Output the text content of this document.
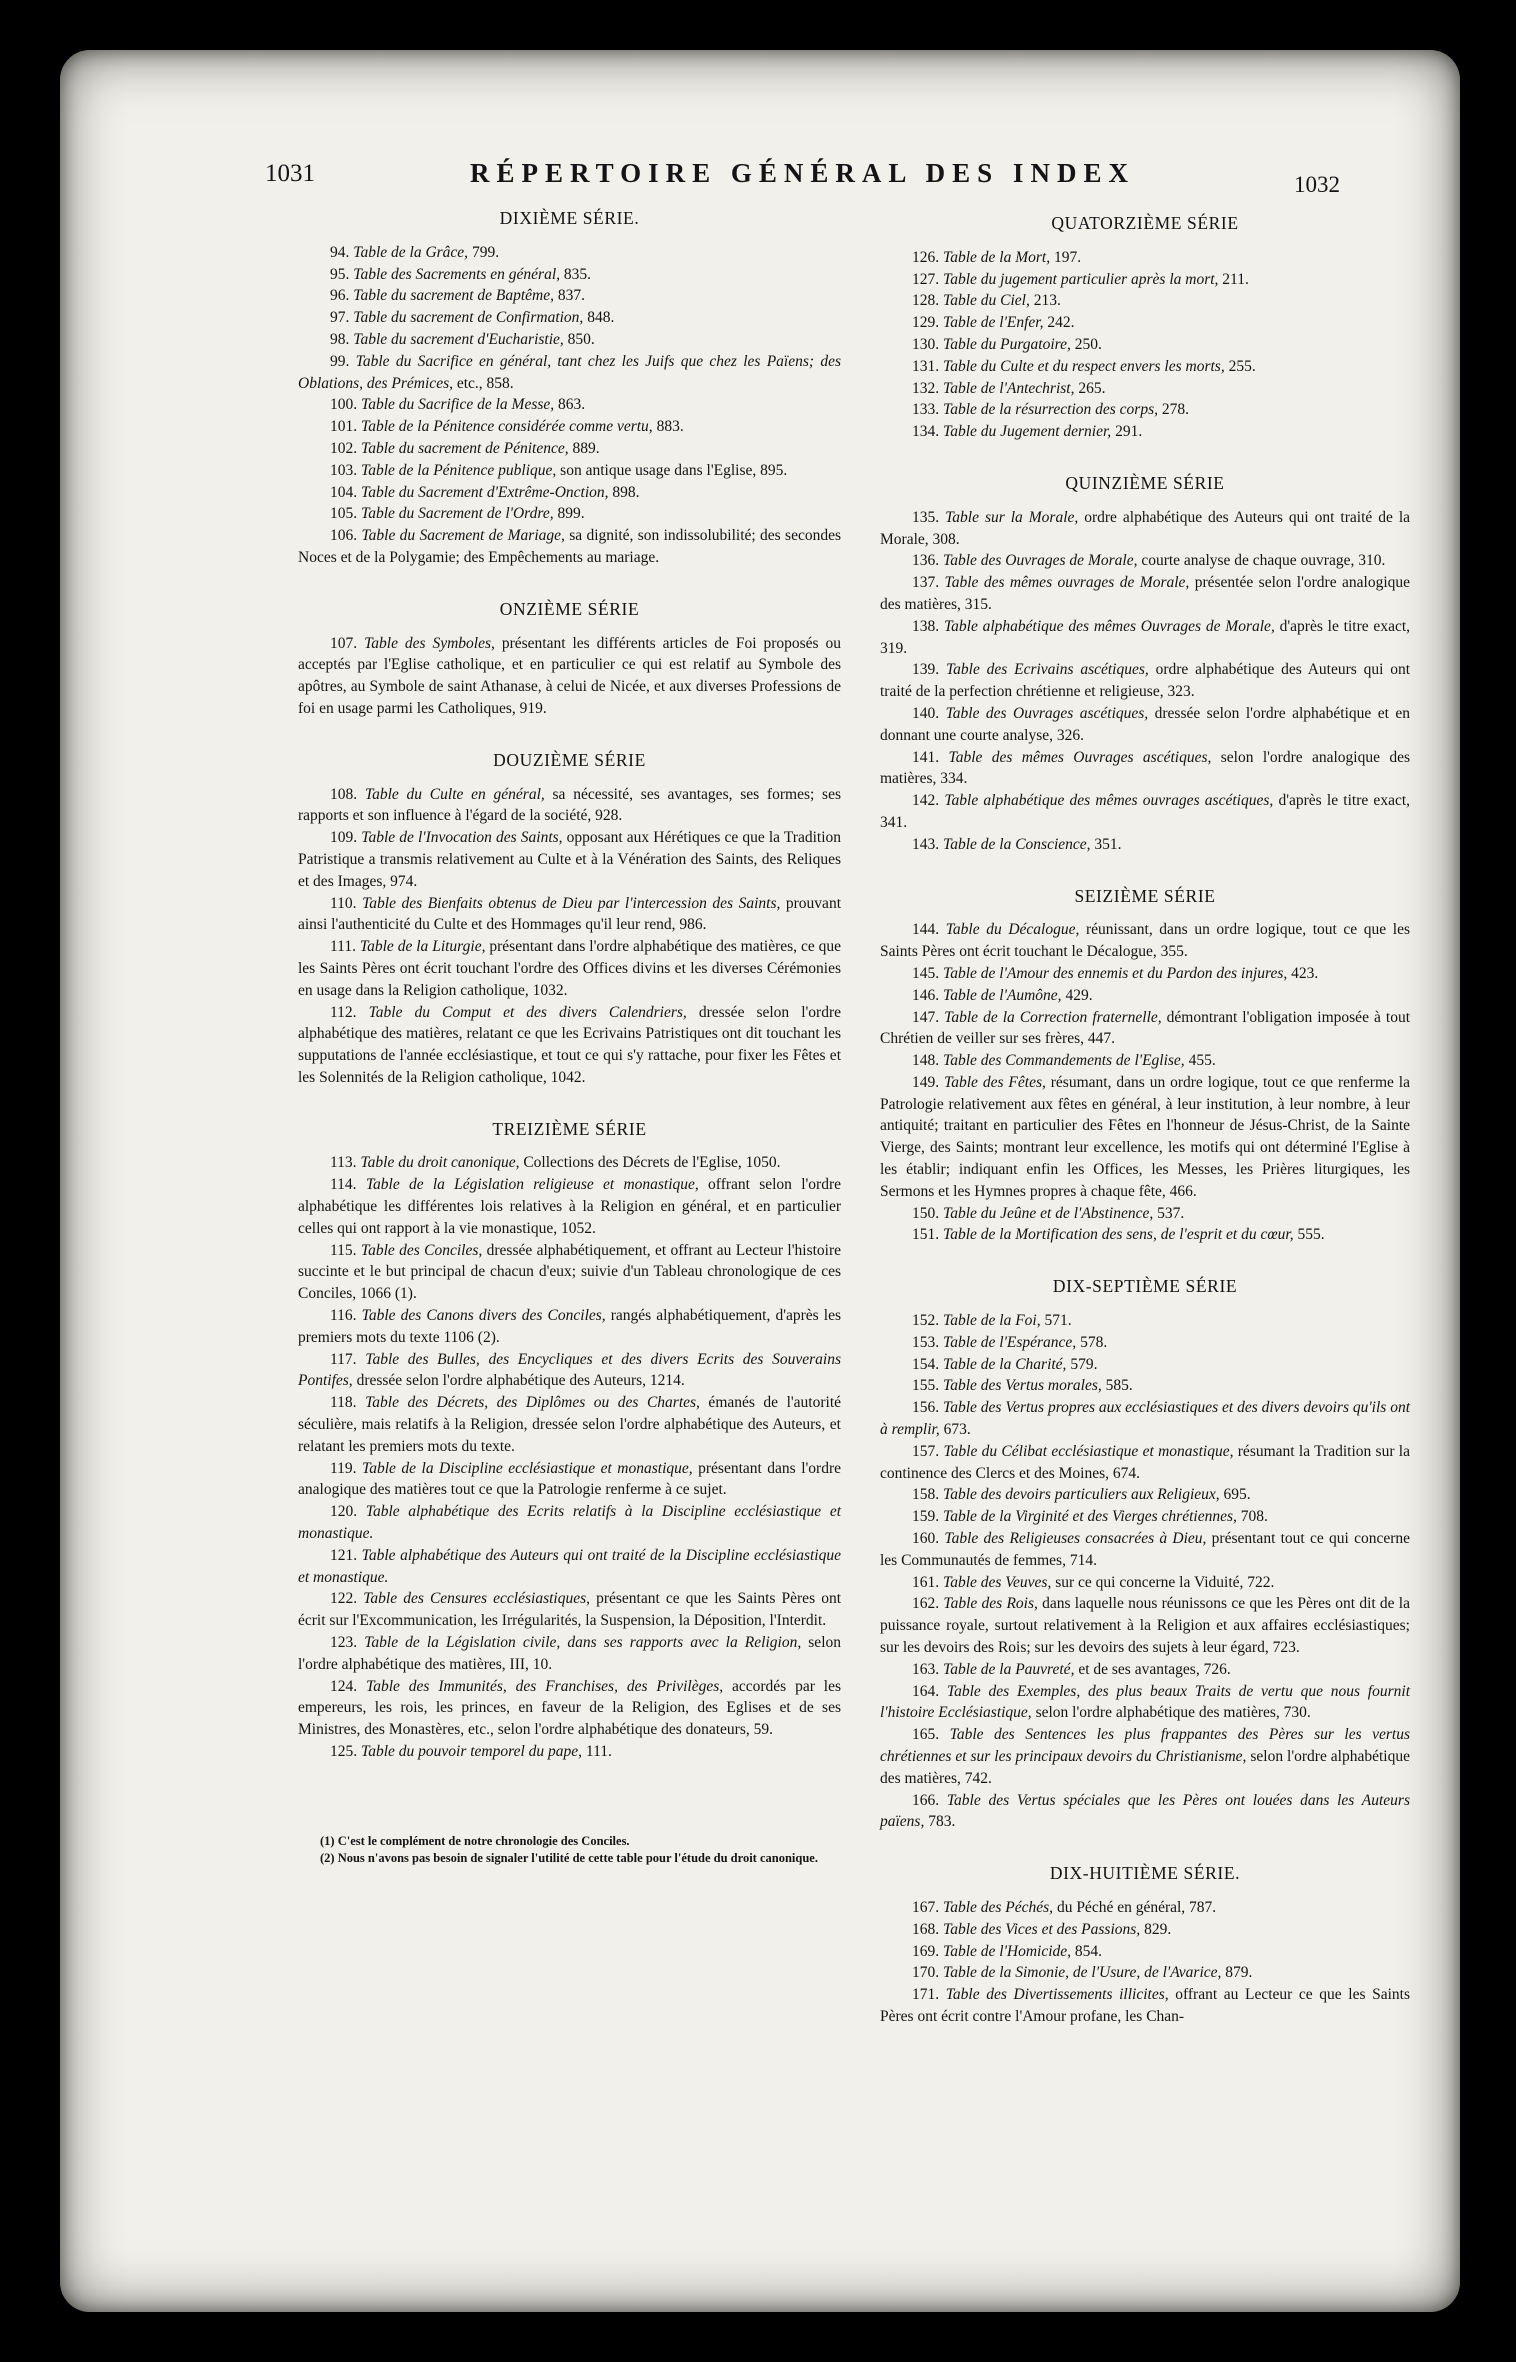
1031	RÉPERTOIRE GÉNÉRAL DES INDEX	1032

DIXIÈME SÉRIE.

94. Table de la Grâce, 799.

95. Table des Sacrements en général, 835.

96. Table du sacrement de Baptême, 837.

97. Table du sacrement de Confirmation, 848.

98. Table du sacrement d'Eucharistie, 850.

99. Table du Sacrifice en général, tant chez les Juifs que chez les Païens; des Oblations, des Prémices, etc., 858.

100. Table du Sacrifice de la Messe, 863.

101. Table de la Pénitence considérée comme vertu, 883.

102. Table du sacrement de Pénitence, 889.

103. Table de la Pénitence publique, son antique usage dans l'Eglise, 895.

104. Table du Sacrement d'Extrême-Onction, 898.

105. Table du Sacrement de l'Ordre, 899.

106. Table du Sacrement de Mariage, sa dignité, son indissolubilité; des secondes Noces et de la Polygamie; des Empêchements au mariage.

ONZIÈME SÉRIE

107. Table des Symboles, présentant les différents articles de Foi proposés ou acceptés par l'Eglise catholique, et en particulier ce qui est relatif au Symbole des apôtres, au Symbole de saint Athanase, à celui de Nicée, et aux diverses Professions de foi en usage parmi les Catholiques, 919.

DOUZIÈME SÉRIE

108. Table du Culte en général, sa nécessité, ses avantages, ses formes; ses rapports et son influence à l'égard de la société, 928.

109. Table de l'Invocation des Saints, opposant aux Hérétiques ce que la Tradition Patristique a transmis relativement au Culte et à la Vénération des Saints, des Reliques et des Images, 974.

110. Table des Bienfaits obtenus de Dieu par l'intercession des Saints, prouvant ainsi l'authenticité du Culte et des Hommages qu'il leur rend, 986.

111. Table de la Liturgie, présentant dans l'ordre alphabétique des matières, ce que les Saints Pères ont écrit touchant l'ordre des Offices divins et les diverses Cérémonies en usage dans la Religion catholique, 1032.

112. Table du Comput et des divers Calendriers, dressée selon l'ordre alphabétique des matières, relatant ce que les Ecrivains Patristiques ont dit touchant les supputations de l'année ecclésiastique, et tout ce qui s'y rattache, pour fixer les Fêtes et les Solennités de la Religion catholique, 1042.

TREIZIÈME SÉRIE

113. Table du droit canonique, Collections des Décrets de l'Eglise, 1050.

114. Table de la Législation religieuse et monastique, offrant selon l'ordre alphabétique les différentes lois relatives à la Religion en général, et en particulier celles qui ont rapport à la vie monastique, 1052.

115. Table des Conciles, dressée alphabétiquement, et offrant au Lecteur l'histoire succinte et le but principal de chacun d'eux; suivie d'un Tableau chronologique de ces Conciles, 1066 (1).

116. Table des Canons divers des Conciles, rangés alphabétiquement, d'après les premiers mots du texte 1106 (2).

117. Table des Bulles, des Encycliques et des divers Ecrits des Souverains Pontifes, dressée selon l'ordre alphabétique des Auteurs, 1214.

118. Table des Décrets, des Diplômes ou des Chartes, émanés de l'autorité séculière, mais relatifs à la Religion, dressée selon l'ordre alphabétique des Auteurs, et relatant les premiers mots du texte.

119. Table de la Discipline ecclésiastique et monastique, présentant dans l'ordre analogique des matières tout ce que la Patrologie renferme à ce sujet.

120. Table alphabétique des Ecrits relatifs à la Discipline ecclésiastique et monastique.

121. Table alphabétique des Auteurs qui ont traité de la Discipline ecclésiastique et monastique.

122. Table des Censures ecclésiastiques, présentant ce que les Saints Pères ont écrit sur l'Excommunication, les Irrégularités, la Suspension, la Déposition, l'Interdit.

123. Table de la Législation civile, dans ses rapports avec la Religion, selon l'ordre alphabétique des matières, III, 10.

124. Table des Immunités, des Franchises, des Privilèges, accordés par les empereurs, les rois, les princes, en faveur de la Religion, des Eglises et de ses Ministres, des Monastères, etc., selon l'ordre alphabétique des donateurs, 59.

125. Table du pouvoir temporel du pape, 111.

(1) C'est le complément de notre chronologie des Conciles.

(2) Nous n'avons pas besoin de signaler l'utilité de cette table pour l'étude du droit canonique.

QUATORZIÈME SÉRIE

126. Table de la Mort, 197.

127. Table du jugement particulier après la mort, 211.

128. Table du Ciel, 213.

129. Table de l'Enfer, 242.

130. Table du Purgatoire, 250.

131. Table du Culte et du respect envers les morts, 255.

132. Table de l'Antechrist, 265.

133. Table de la résurrection des corps, 278.

134. Table du Jugement dernier, 291.

QUINZIÈME SÉRIE

135. Table sur la Morale, ordre alphabétique des Auteurs qui ont traité de la Morale, 308.

136. Table des Ouvrages de Morale, courte analyse de chaque ouvrage, 310.

137. Table des mêmes ouvrages de Morale, présentée selon l'ordre analogique des matières, 315.

138. Table alphabétique des mêmes Ouvrages de Morale, d'après le titre exact, 319.

139. Table des Ecrivains ascétiques, ordre alphabétique des Auteurs qui ont traité de la perfection chrétienne et religieuse, 323.

140. Table des Ouvrages ascétiques, dressée selon l'ordre alphabétique et en donnant une courte analyse, 326.

141. Table des mêmes Ouvrages ascétiques, selon l'ordre analogique des matières, 334.

142. Table alphabétique des mêmes ouvrages ascétiques, d'après le titre exact, 341.

143. Table de la Conscience, 351.

SEIZIÈME SÉRIE

144. Table du Décalogue, réunissant, dans un ordre logique, tout ce que les Saints Pères ont écrit touchant le Décalogue, 355.

145. Table de l'Amour des ennemis et du Pardon des injures, 423.

146. Table de l'Aumône, 429.

147. Table de la Correction fraternelle, démontrant l'obligation imposée à tout Chrétien de veiller sur ses frères, 447.

148. Table des Commandements de l'Eglise, 455.

149. Table des Fêtes, résumant, dans un ordre logique, tout ce que renferme la Patrologie relativement aux fêtes en général, à leur institution, à leur nombre, à leur antiquité; traitant en particulier des Fêtes en l'honneur de Jésus-Christ, de la Sainte Vierge, des Saints; montrant leur excellence, les motifs qui ont déterminé l'Eglise à les établir; indiquant enfin les Offices, les Messes, les Prières liturgiques, les Sermons et les Hymnes propres à chaque fête, 466.

150. Table du Jeûne et de l'Abstinence, 537.

151. Table de la Mortification des sens, de l'esprit et du cœur, 555.

DIX-SEPTIÈME SÉRIE

152. Table de la Foi, 571.

153. Table de l'Espérance, 578.

154. Table de la Charité, 579.

155. Table des Vertus morales, 585.

156. Table des Vertus propres aux ecclésiastiques et des divers devoirs qu'ils ont à remplir, 673.

157. Table du Célibat ecclésiastique et monastique, résumant la Tradition sur la continence des Clercs et des Moines, 674.

158. Table des devoirs particuliers aux Religieux, 695.

159. Table de la Virginité et des Vierges chrétiennes, 708.

160. Table des Religieuses consacrées à Dieu, présentant tout ce qui concerne les Communautés de femmes, 714.

161. Table des Veuves, sur ce qui concerne la Viduité, 722.

162. Table des Rois, dans laquelle nous réunissons ce que les Pères ont dit de la puissance royale, surtout relativement à la Religion et aux affaires ecclésiastiques; sur les devoirs des Rois; sur les devoirs des sujets à leur égard, 723.

163. Table de la Pauvreté, et de ses avantages, 726.

164. Table des Exemples, des plus beaux Traits de vertu que nous fournit l'histoire Ecclésiastique, selon l'ordre alphabétique des matières, 730.

165. Table des Sentences les plus frappantes des Pères sur les vertus chrétiennes et sur les principaux devoirs du Christianisme, selon l'ordre alphabétique des matières, 742.

166. Table des Vertus spéciales que les Pères ont louées dans les Auteurs païens, 783.

DIX-HUITIÈME SÉRIE.

167. Table des Péchés, du Péché en général, 787.

168. Table des Vices et des Passions, 829.

169. Table de l'Homicide, 854.

170. Table de la Simonie, de l'Usure, de l'Avarice, 879.

171. Table des Divertissements illicites, offrant au Lecteur ce que les Saints Pères ont écrit contre l'Amour profane, les Chan-
